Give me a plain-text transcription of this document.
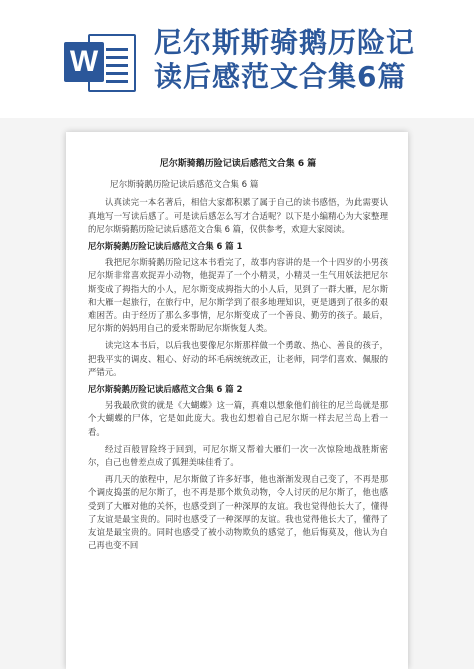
W
尼尔斯斯骑鹅历险记
读后感范文合集6篇
尼尔斯骑鹅历险记读后感范文合集 6 篇
尼尔斯骑鹅历险记读后感范文合集 6 篇

认真读完一本名著后，相信大家都积累了属于自己的读书感悟，为此需要认真地写一写读后感了。可是读后感怎么写才合适呢？以下是小编精心为大家整理的尼尔斯骑鹅历险记读后感范文合集 6 篇，仅供参考，欢迎大家阅读。

尼尔斯骑鹅历险记读后感范文合集 6 篇 1

我把尼尔斯骑鹅历险记这本书看完了，故事内容讲的是一个十四岁的小男孩尼尔斯非常喜欢捉弄小动物，他捉弄了一个小精灵，小精灵一生气用妖法把尼尔斯变成了拇指大的小人，尼尔斯变成拇指大的小人后，见到了一群大雁，尼尔斯和大雁一起旅行，在旅行中，尼尔斯学到了很多地理知识，更是遇到了很多的艰难困苦。由于经历了那么多事情，尼尔斯变成了一个善良、勤劳的孩子。最后，尼尔斯的妈妈用自己的爱来帮助尼尔斯恢复人类。

读完这本书后，以后我也要像尼尔斯那样做一个勇敢、热心、善良的孩子，把我平实的调皮、粗心、好动的坏毛病统统改正，让老师，同学们喜欢、佩服的严错元。

尼尔斯骑鹅历险记读后感范文合集 6 篇 2

另我最欣赏的就是《大蝴蝶》这一篇，真难以想象他们前往的尼兰岛就是那个大蝴蝶的尸体，它是如此庞大。我也幻想着自己尼尔斯一样去尼兰岛上看一看。

经过百般冒险终于回到，可尼尔斯又帮着大雁们一次一次惊险地战胜斯密尔，自己也曾差点成了狐狸美味佳肴了。

再几天的旅程中，尼尔斯做了许多好事，他也渐渐发现自己变了，不再是那个调皮捣蛋的尼尔斯了，也不再是那个欺负动物，令人讨厌的尼尔斯了，他也感受到了大雁对他的关怀，也感受到了一种深厚的友谊。我也觉得他长大了，懂得了友谊是最宝贵的。同时也感受了一种深厚的友谊。我也觉得他长大了，懂得了友谊是最宝贵的。同时也感受了被小动物欺负的感觉了，他后悔莫及，他认为自己再也变不回
